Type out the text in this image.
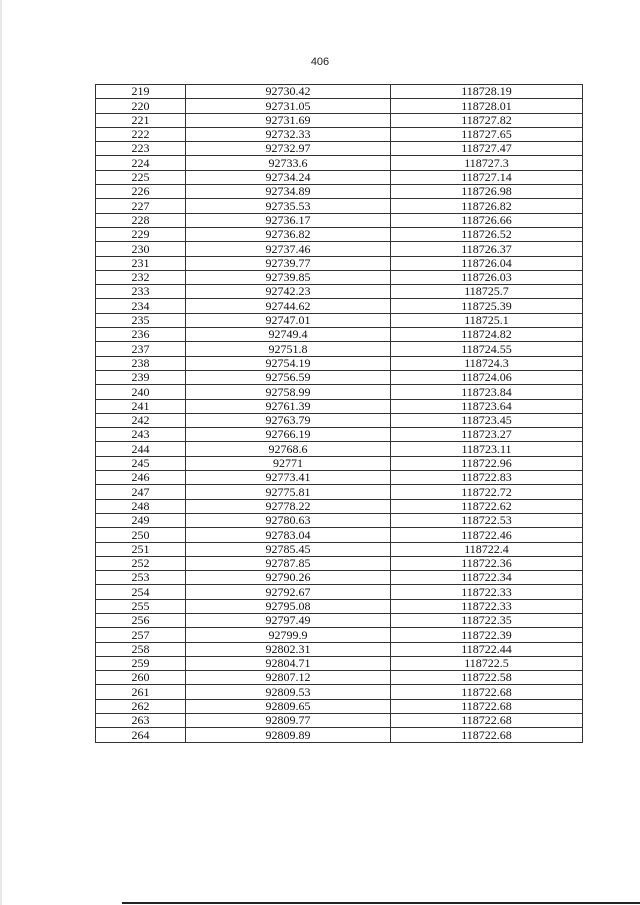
406
219	92730.42	118728.19
220	92731.05	118728.01
221	92731.69	118727.82
222	92732.33	118727.65
223	92732.97	118727.47
224	92733.6	118727.3
225	92734.24	118727.14
226	92734.89	118726.98
227	92735.53	118726.82
228	92736.17	118726.66
229	92736.82	118726.52
230	92737.46	118726.37
231	92739.77	118726.04
232	92739.85	118726.03
233	92742.23	118725.7
234	92744.62	118725.39
235	92747.01	118725.1
236	92749.4	118724.82
237	92751.8	118724.55
238	92754.19	118724.3
239	92756.59	118724.06
240	92758.99	118723.84
241	92761.39	118723.64
242	92763.79	118723.45
243	92766.19	118723.27
244	92768.6	118723.11
245	92771	118722.96
246	92773.41	118722.83
247	92775.81	118722.72
248	92778.22	118722.62
249	92780.63	118722.53
250	92783.04	118722.46
251	92785.45	118722.4
252	92787.85	118722.36
253	92790.26	118722.34
254	92792.67	118722.33
255	92795.08	118722.33
256	92797.49	118722.35
257	92799.9	118722.39
258	92802.31	118722.44
259	92804.71	118722.5
260	92807.12	118722.58
261	92809.53	118722.68
262	92809.65	118722.68
263	92809.77	118722.68
264	92809.89	118722.68
